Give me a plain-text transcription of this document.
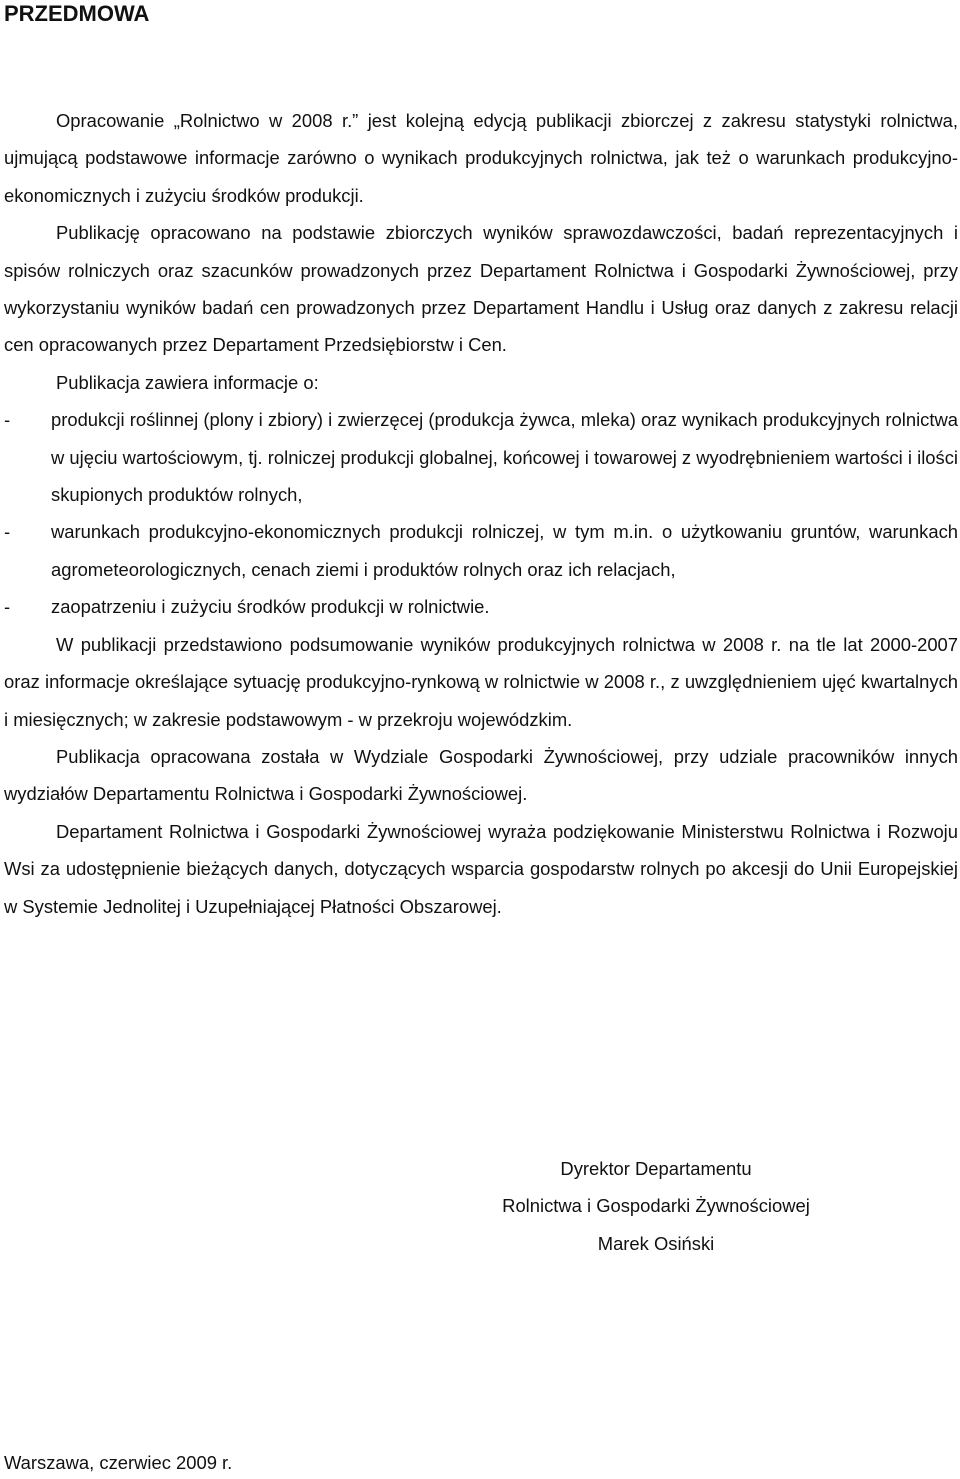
PRZEDMOWA

Opracowanie „Rolnictwo w 2008 r.” jest kolejną edycją publikacji zbiorczej z zakresu statystyki rolnictwa, ujmującą podstawowe informacje zarówno o wynikach produkcyjnych rolnictwa, jak też o warunkach produkcyjno-ekonomicznych i zużyciu środków produkcji.

Publikację opracowano na podstawie zbiorczych wyników sprawozdawczości, badań reprezentacyjnych i spisów rolniczych oraz szacunków prowadzonych przez Departament Rolnictwa i Gospodarki Żywnościowej, przy wykorzystaniu wyników badań cen prowadzonych przez Departament Handlu i Usług oraz danych z zakresu relacji cen opracowanych przez Departament Przedsiębiorstw i Cen.

Publikacja zawiera informacje o:

- produkcji roślinnej (plony i zbiory) i zwierzęcej (produkcja żywca, mleka) oraz wynikach produkcyjnych rolnictwa w ujęciu wartościowym, tj. rolniczej produkcji globalnej, końcowej i towarowej z wyodrębnieniem wartości i ilości skupionych produktów rolnych,
- warunkach produkcyjno-ekonomicznych produkcji rolniczej, w tym m.in. o użytkowaniu gruntów, warunkach agrometeorologicznych, cenach ziemi i produktów rolnych oraz ich relacjach,
- zaopatrzeniu i zużyciu środków produkcji w rolnictwie.

W publikacji przedstawiono podsumowanie wyników produkcyjnych rolnictwa w 2008 r. na tle lat 2000-2007 oraz informacje określające sytuację produkcyjno-rynkową w rolnictwie w 2008 r., z uwzględnieniem ujęć kwartalnych i miesięcznych; w zakresie podstawowym - w przekroju wojewódzkim.

Publikacja opracowana została w Wydziale Gospodarki Żywnościowej, przy udziale pracowników innych wydziałów Departamentu Rolnictwa i Gospodarki Żywnościowej.

Departament Rolnictwa i Gospodarki Żywnościowej wyraża podziękowanie Ministerstwu Rolnictwa i Rozwoju Wsi za udostępnienie bieżących danych, dotyczących wsparcia gospodarstw rolnych po akcesji do Unii Europejskiej w Systemie Jednolitej i Uzupełniającej Płatności Obszarowej.

Dyrektor Departamentu
Rolnictwa i Gospodarki Żywnościowej
Marek Osiński
Warszawa, czerwiec 2009 r.
